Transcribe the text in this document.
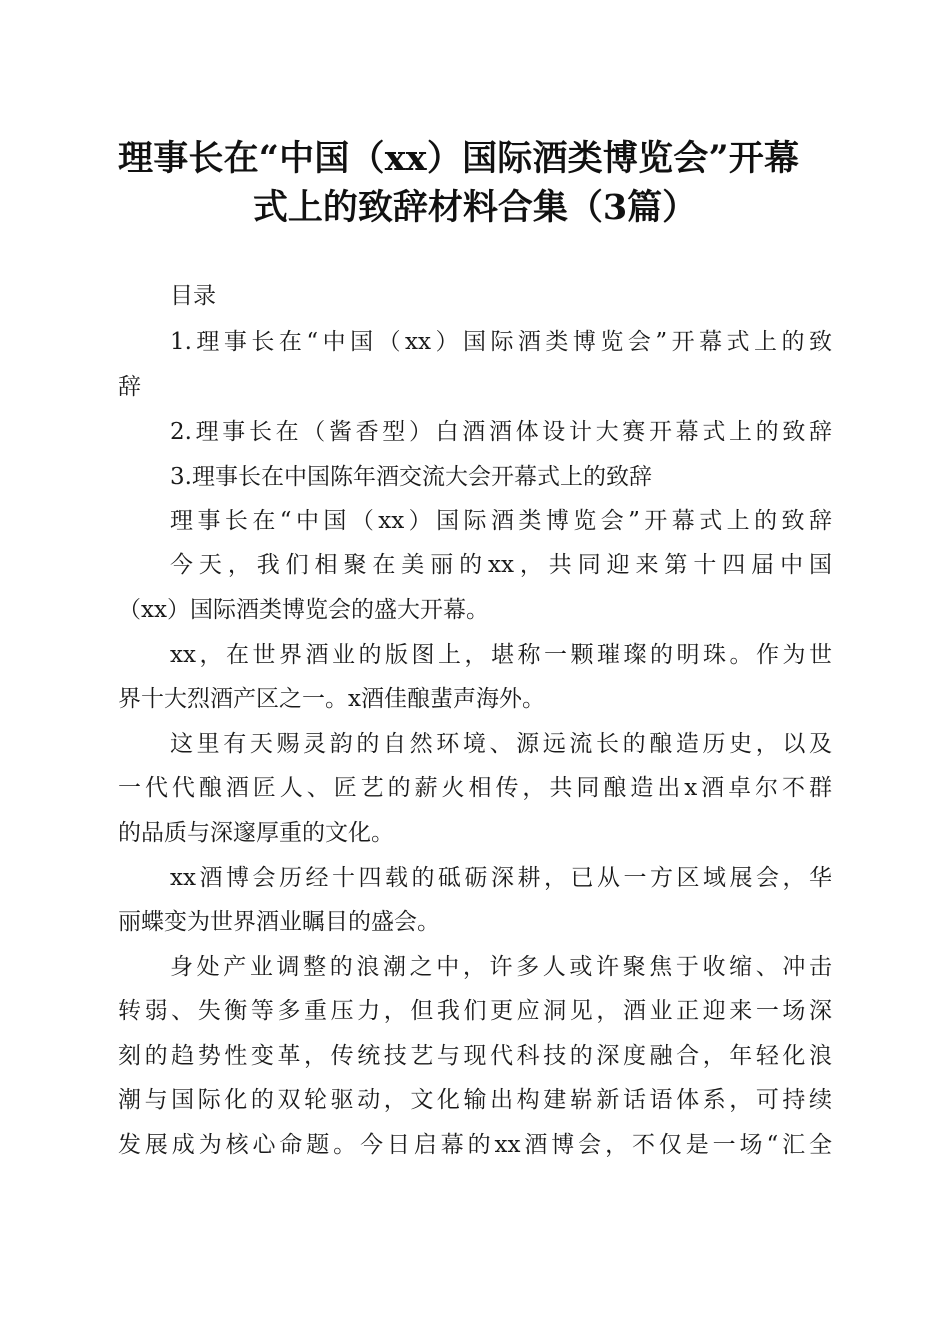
理事长在“中国（xx）国际酒类博览会”开幕
式上的致辞材料合集（3篇）
目录
1.理事长在“中国（xx）国际酒类博览会”开幕式上的致
辞
2.理事长在（酱香型）白酒酒体设计大赛开幕式上的致辞
3.理事长在中国陈年酒交流大会开幕式上的致辞
理事长在“中国（xx）国际酒类博览会”开幕式上的致辞
今天，我们相聚在美丽的xx，共同迎来第十四届中国
（xx）国际酒类博览会的盛大开幕。
xx，在世界酒业的版图上，堪称一颗璀璨的明珠。作为世
界十大烈酒产区之一。x酒佳酿蜚声海外。
这里有天赐灵韵的自然环境、源远流长的酿造历史，以及
一代代酿酒匠人、匠艺的薪火相传，共同酿造出x酒卓尔不群
的品质与深邃厚重的文化。
xx酒博会历经十四载的砥砺深耕，已从一方区域展会，华
丽蝶变为世界酒业瞩目的盛会。
身处产业调整的浪潮之中，许多人或许聚焦于收缩、冲击
转弱、失衡等多重压力，但我们更应洞见，酒业正迎来一场深
刻的趋势性变革，传统技艺与现代科技的深度融合，年轻化浪
潮与国际化的双轮驱动，文化输出构建崭新话语体系，可持续
发展成为核心命题。今日启幕的xx酒博会，不仅是一场“汇全
